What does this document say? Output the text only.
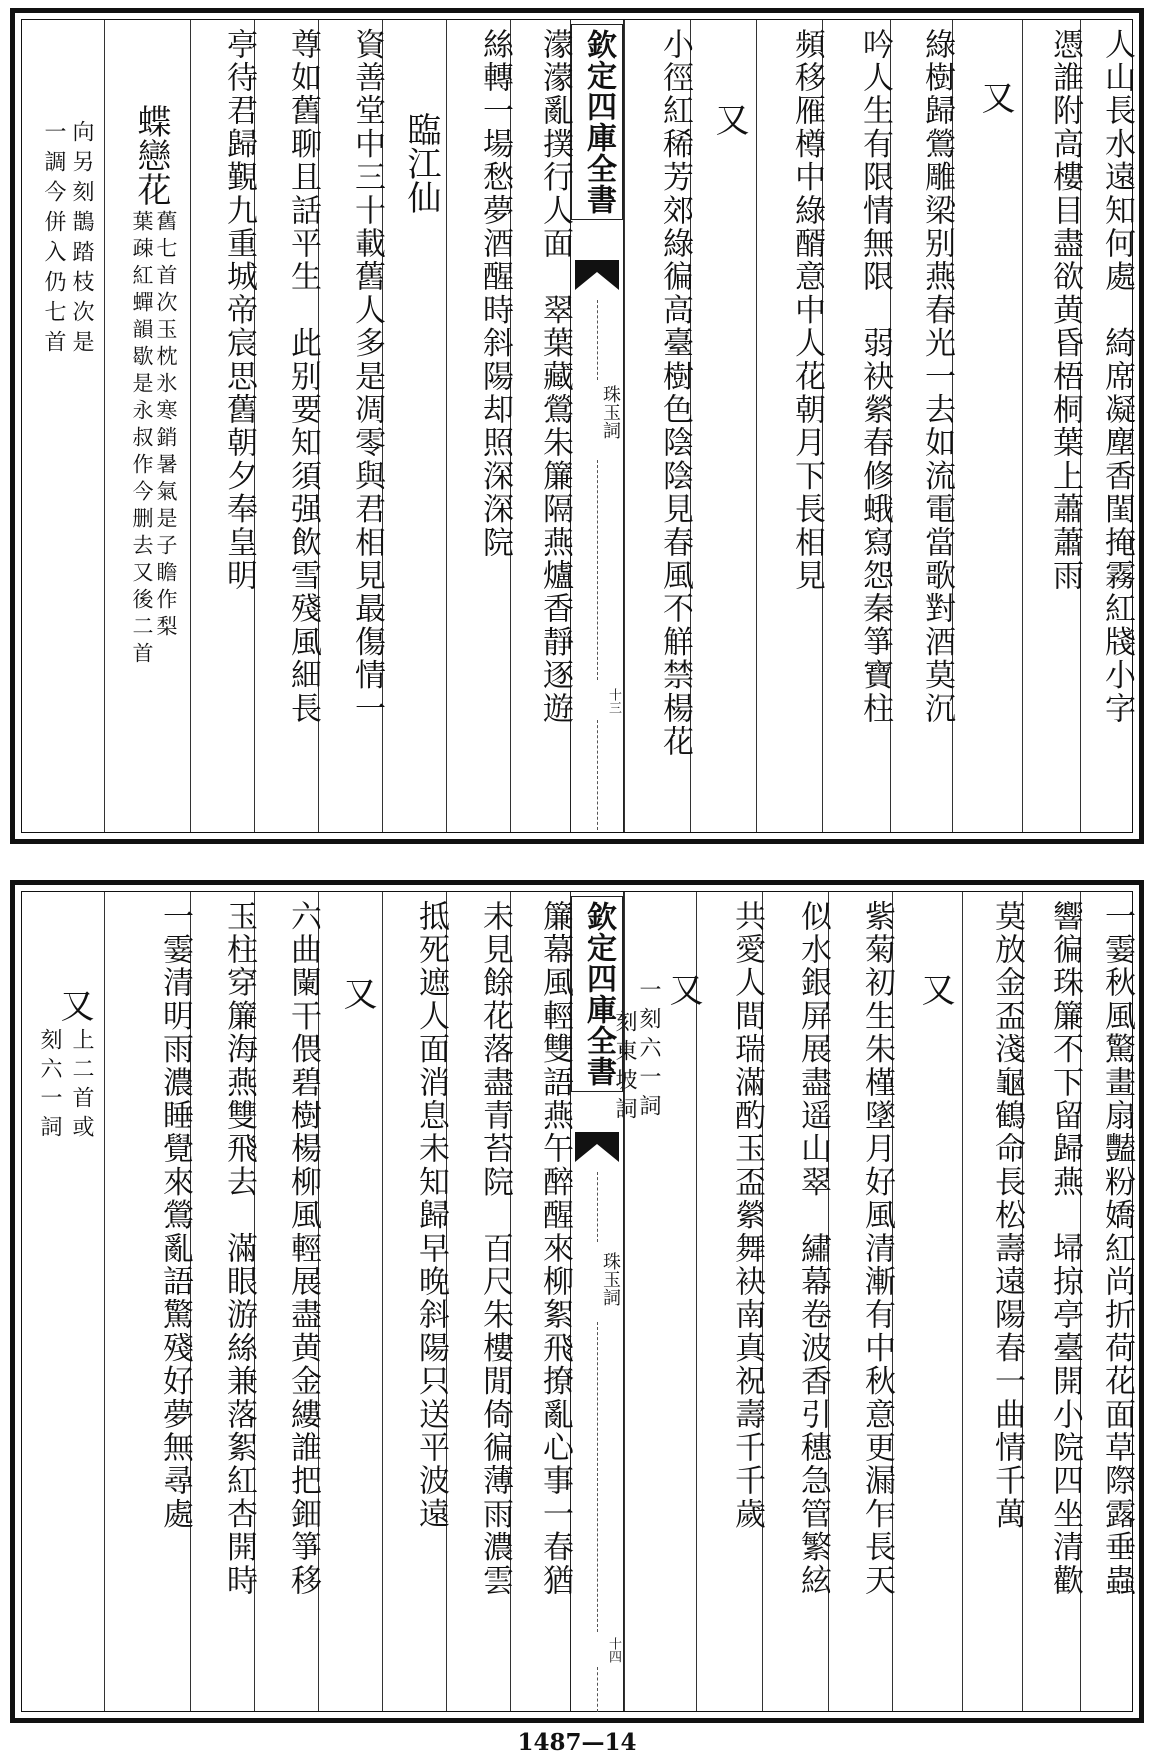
人山長水遠知何處　綺席凝塵香閨掩霧紅牋小字
憑誰附高樓目盡欲黄昏梧桐葉上蕭蕭雨
又
綠樹歸鶯雕梁别燕春光一去如流電當歌對酒莫沉
吟人生有限情無限　弱袂縈春修蛾寫怨秦箏寶柱
頻移雁樽中綠醑意中人花朝月下長相見
又
小徑紅稀芳郊綠徧高臺樹色陰陰見春風不觧禁楊花
欽定四庫全書
珠玉詞
十三
濛濛亂撲行人面　翠葉藏鶯朱簾隔燕爐香靜逐遊
絲轉一場愁夢酒醒時斜陽却照深深院
臨江仙
資善堂中三十載舊人多是凋零與君相見最傷情一
尊如舊聊且話平生　此别要知須强飲雪殘風細長
亭待君歸覲九重城帝宸思舊朝夕奉皇明
蝶戀花
舊七首次玉枕氷寒銷暑氣是子瞻作梨
葉疎紅蟬韻歇是永叔作今删去又後二首
向另刻鵲踏枝次是
一調今併入仍七首
一霎秋風驚畫扇豔粉嬌紅尚折荷花面草際露垂蟲
響徧珠簾不下留歸燕　埽掠亭臺開小院四坐清歡
莫放金盃淺龜鶴命長松壽遠陽春一曲情千萬
又
紫菊初生朱槿墜月好風清漸有中秋意更漏乍長天
似水銀屏展盡遥山翠　繡幕卷波香引穗急管繁絃
共愛人間瑞滿酌玉盃縈舞袂南真祝壽千千歲
又
一刻六一詞
刻東坡詞
欽定四庫全書
珠玉詞
十四
簾幕風輕雙語燕午醉醒來柳絮飛撩亂心事一春猶
未見餘花落盡青苔院　百尺朱樓閒倚徧薄雨濃雲
抵死遮人面消息未知歸早晚斜陽只送平波遠
又
六曲闌干偎碧樹楊柳風輕展盡黄金縷誰把鈿箏移
玉柱穿簾海燕雙飛去　滿眼游絲兼落絮紅杏開時
一霎清明雨濃睡覺來鶯亂語驚殘好夢無尋處
又
上二首或
刻六一詞
1487—14
